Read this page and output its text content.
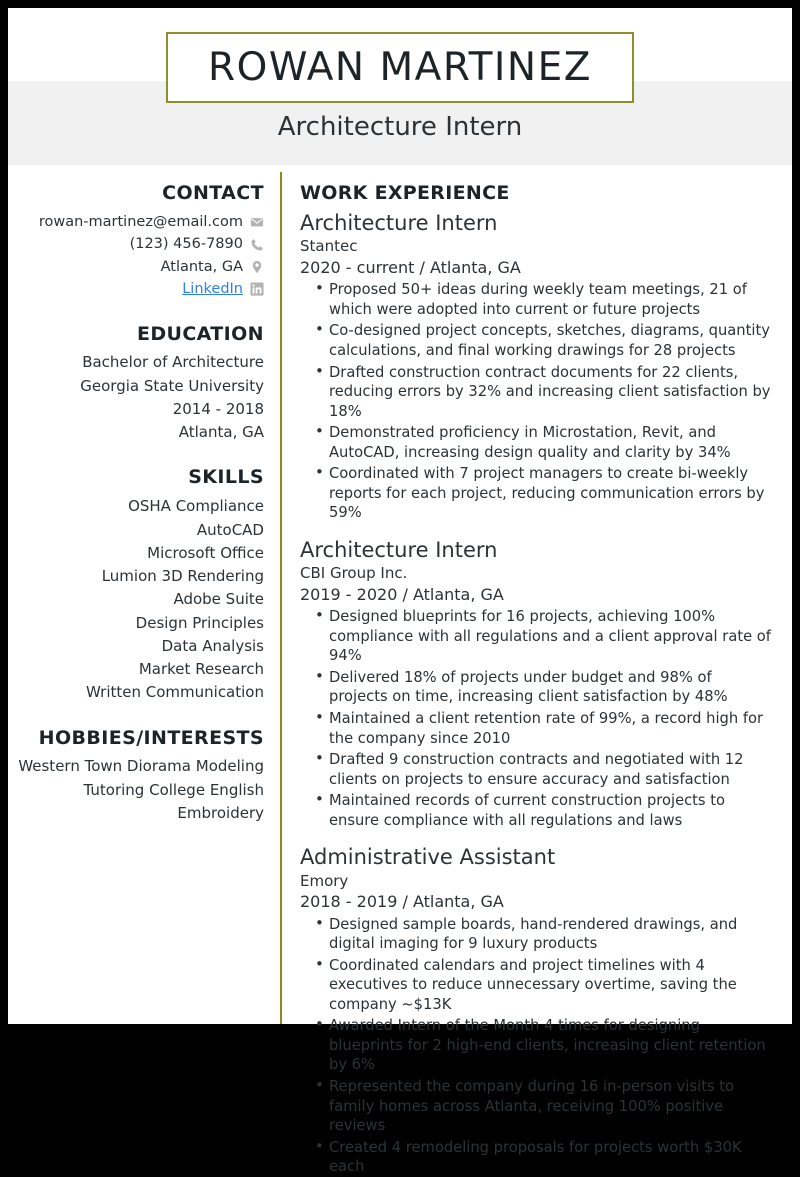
ROWAN MARTINEZ
Architecture Intern
CONTACT
rowan-martinez@email.com
(123) 456-7890
Atlanta, GA
LinkedIn
EDUCATION
Bachelor of Architecture
Georgia State University
2014 - 2018
Atlanta, GA
SKILLS
OSHA Compliance
AutoCAD
Microsoft Office
Lumion 3D Rendering
Adobe Suite
Design Principles
Data Analysis
Market Research
Written Communication
HOBBIES/INTERESTS
Western Town Diorama Modeling
Tutoring College English
Embroidery
WORK EXPERIENCE
Architecture Intern
Stantec
2020 - current / Atlanta, GA
• Proposed 50+ ideas during weekly team meetings, 21 of which were adopted into current or future projects
• Co-designed project concepts, sketches, diagrams, quantity calculations, and final working drawings for 28 projects
• Drafted construction contract documents for 22 clients, reducing errors by 32% and increasing client satisfaction by 18%
• Demonstrated proficiency in Microstation, Revit, and AutoCAD, increasing design quality and clarity by 34%
• Coordinated with 7 project managers to create bi-weekly reports for each project, reducing communication errors by 59%
Architecture Intern
CBI Group Inc.
2019 - 2020 / Atlanta, GA
• Designed blueprints for 16 projects, achieving 100% compliance with all regulations and a client approval rate of 94%
• Delivered 18% of projects under budget and 98% of projects on time, increasing client satisfaction by 48%
• Maintained a client retention rate of 99%, a record high for the company since 2010
• Drafted 9 construction contracts and negotiated with 12 clients on projects to ensure accuracy and satisfaction
• Maintained records of current construction projects to ensure compliance with all regulations and laws
Administrative Assistant
Emory
2018 - 2019 / Atlanta, GA
• Designed sample boards, hand-rendered drawings, and digital imaging for 9 luxury products
• Coordinated calendars and project timelines with 4 executives to reduce unnecessary overtime, saving the company ~$13K
• Awarded Intern of the Month 4 times for designing blueprints for 2 high-end clients, increasing client retention by 6%
• Represented the company during 16 in-person visits to family homes across Atlanta, receiving 100% positive reviews
• Created 4 remodeling proposals for projects worth $30K each
